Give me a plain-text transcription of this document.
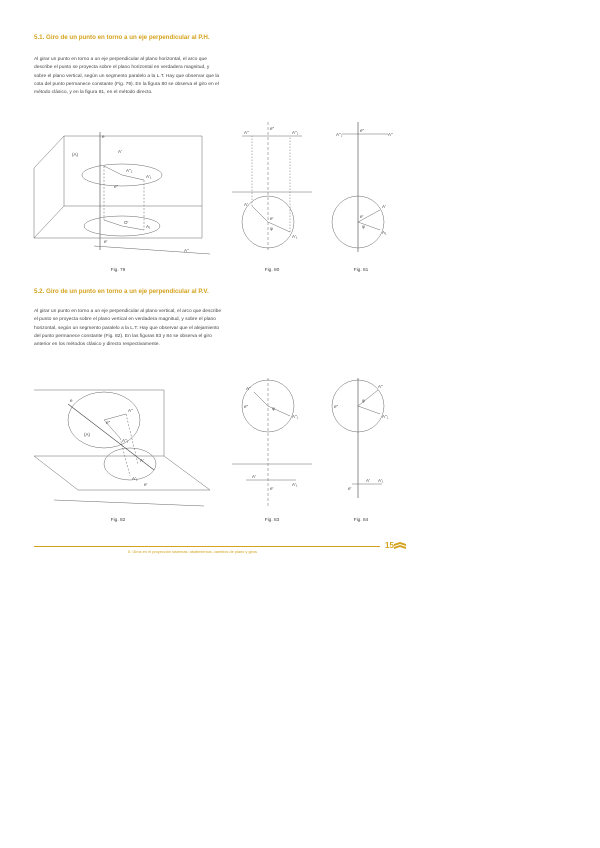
5.1. Giro de un punto en torno a un eje perpendicular al P.H.
Al girar un punto en torno a un eje perpendicular al plano horizontal, el arco que describe el punto se proyecta sobre el plano horizontal en verdadera magnitud, y sobre el plano vertical, según un segmento paralelo a la L.T. Hay que observar que la cota del punto permanece constante (Fig. 79). En la figura 80 se observa el giro en el método clásico, y en la figura 81, en el método directo.
(A)
e
A'
A'₁
A''₁
e''
O'
A₁
e'
A''
Fig. 79
e''
A''₁
A''
e'
A'₁
A'
φ
Fig. 80
A''₁
e''
A''
e'
A'
φ
A₁
Fig. 81
5.2. Giro de un punto en torno a un eje perpendicular al P.V.
Al girar un punto en torno a un eje perpendicular al plano vertical, el arco que describe el punto se proyecta sobre el plano vertical en verdadera magnitud, y sobre el plano horizontal, según un segmento paralelo a la L.T. Hay que observar que el alejamiento del punto permanece constante (Fig. 82). En las figuras 83 y 84 se observa el giro anterior en los métodos clásico y directo respectivamente.
A''
e
A'
e'
A''₁
A'₁
e''
(A)
Fig. 82
e''
A''
A''₁
φ
e'
A'
A'₁
Fig. 83
e''
A''
A''₁
φ
e'
A' A'₁
Fig. 84
5. Giros en el proyección sistemas: abatimientos, cambios de plano y giros
15
